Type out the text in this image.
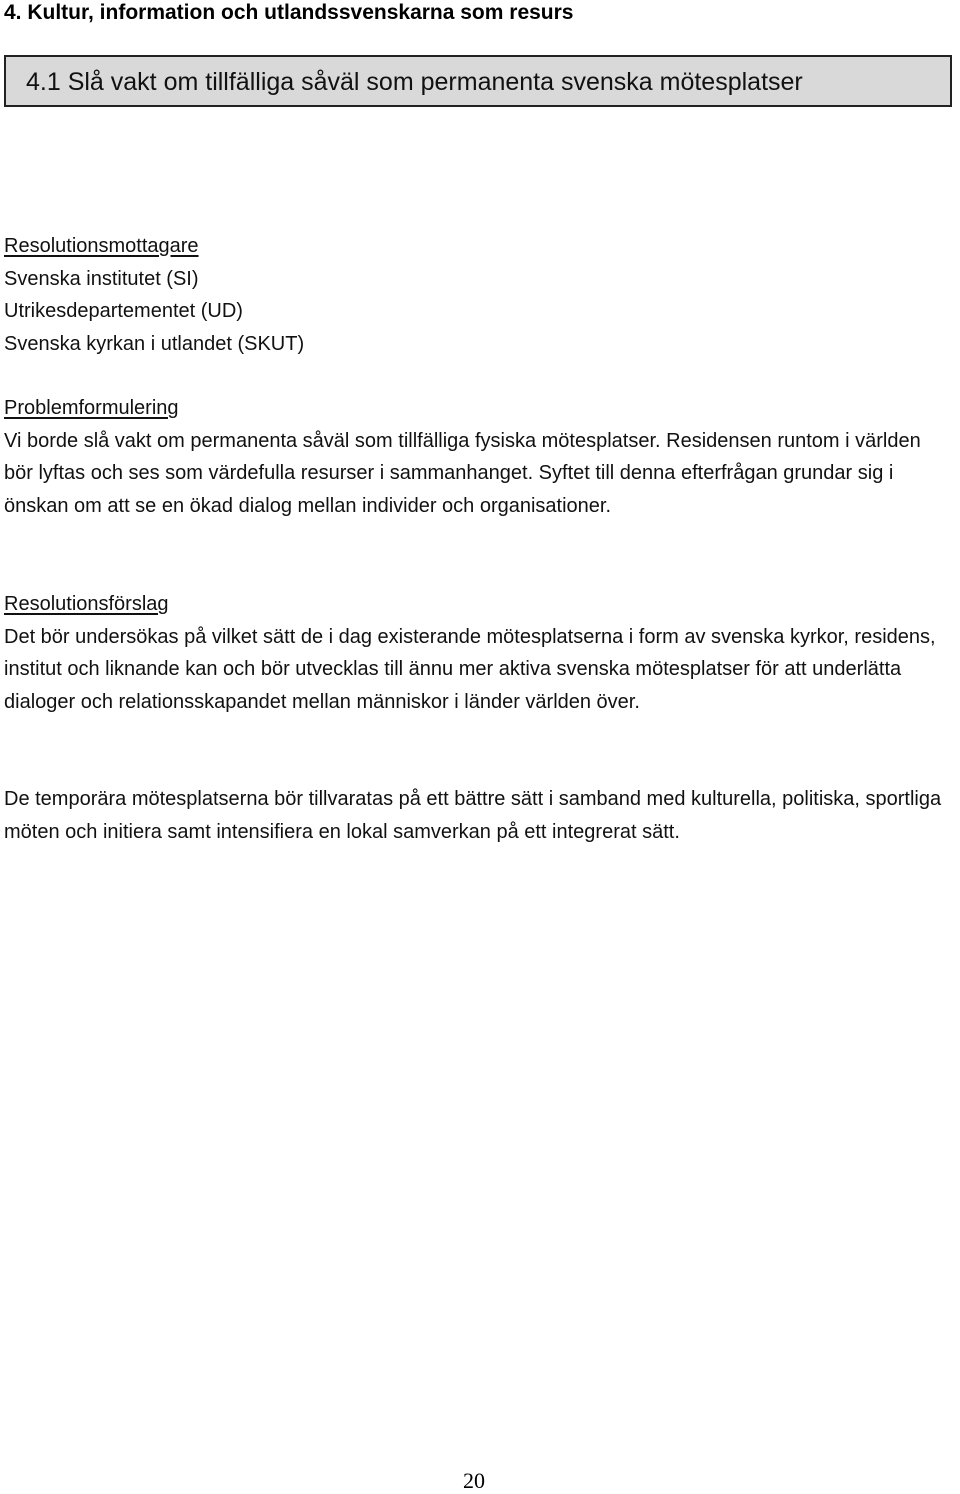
4. Kultur, information och utlandssvenskarna som resurs
4.1 Slå vakt om tillfälliga såväl som permanenta svenska mötesplatser
Resolutionsmottagare
Svenska institutet (SI)
Utrikesdepartementet (UD)
Svenska kyrkan i utlandet (SKUT)
Problemformulering

Vi borde slå vakt om permanenta såväl som tillfälliga fysiska mötesplatser. Residensen runtom i världen bör lyftas och ses som värdefulla resurser i sammanhanget. Syftet till denna efterfrågan grundar sig i önskan om att se en ökad dialog mellan individer och organisationer.

Resolutionsförslag

Det bör undersökas på vilket sätt de i dag existerande mötesplatserna i form av svenska kyrkor, residens, institut och liknande kan och bör utvecklas till ännu mer aktiva svenska mötesplatser för att underlätta dialoger och relationsskapandet mellan människor i länder världen över.

De temporära mötesplatserna bör tillvaratas på ett bättre sätt i samband med kulturella, politiska, sportliga möten och initiera samt intensifiera en lokal samverkan på ett integrerat sätt.

20
